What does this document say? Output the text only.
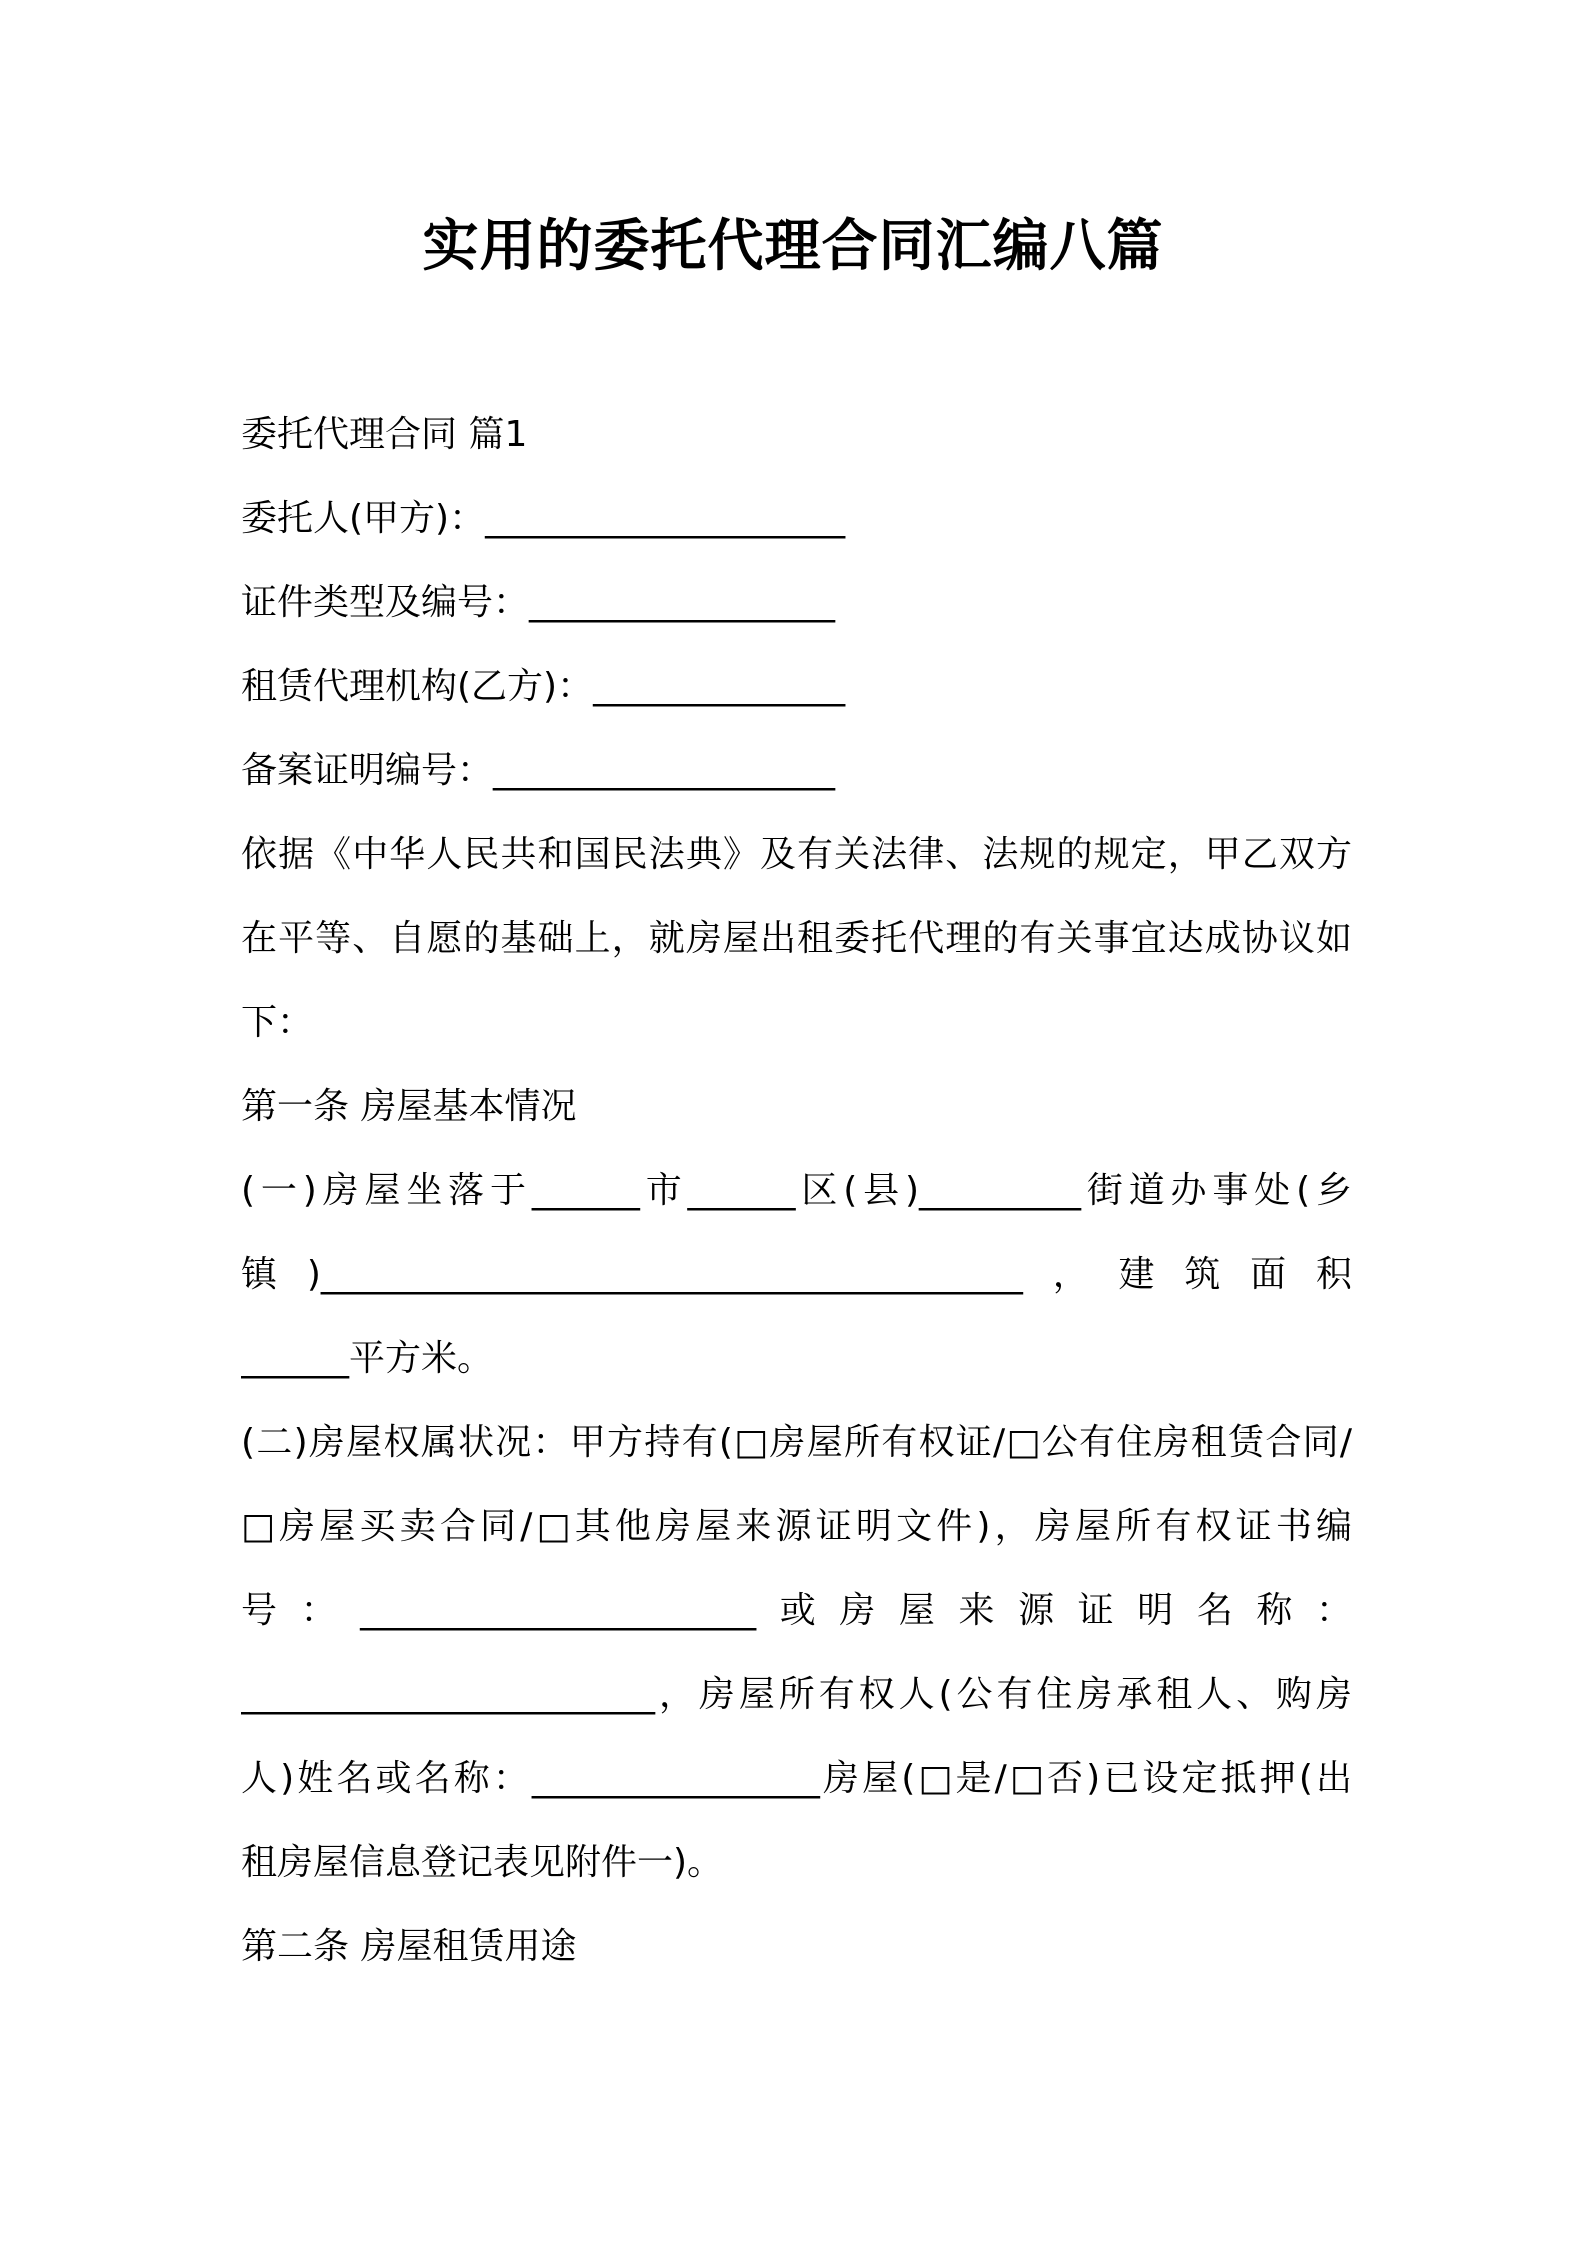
实用的委托代理合同汇编八篇

委托代理合同 篇1

委托人(甲方)：____________________

证件类型及编号：_________________

租赁代理机构(乙方)：______________

备案证明编号：___________________

依据《中华人民共和国民法典》及有关法律、法规的规定，甲乙双方

在平等、自愿的基础上，就房屋出租委托代理的有关事宜达成协议如

下：

第一条 房屋基本情况

(一)房屋坐落于______市______区(县)_________街道办事处(乡

镇)_______________________________________，建筑面积

______平方米。

(二)房屋权属状况：甲方持有(□房屋所有权证/□公有住房租赁合同/

□房屋买卖合同/□其他房屋来源证明文件)，房屋所有权证书编

号：______________________或房屋来源证明名称：

_______________________，房屋所有权人(公有住房承租人、购房

人)姓名或名称：________________房屋(□是/□否)已设定抵押(出

租房屋信息登记表见附件一)。

第二条 房屋租赁用途
